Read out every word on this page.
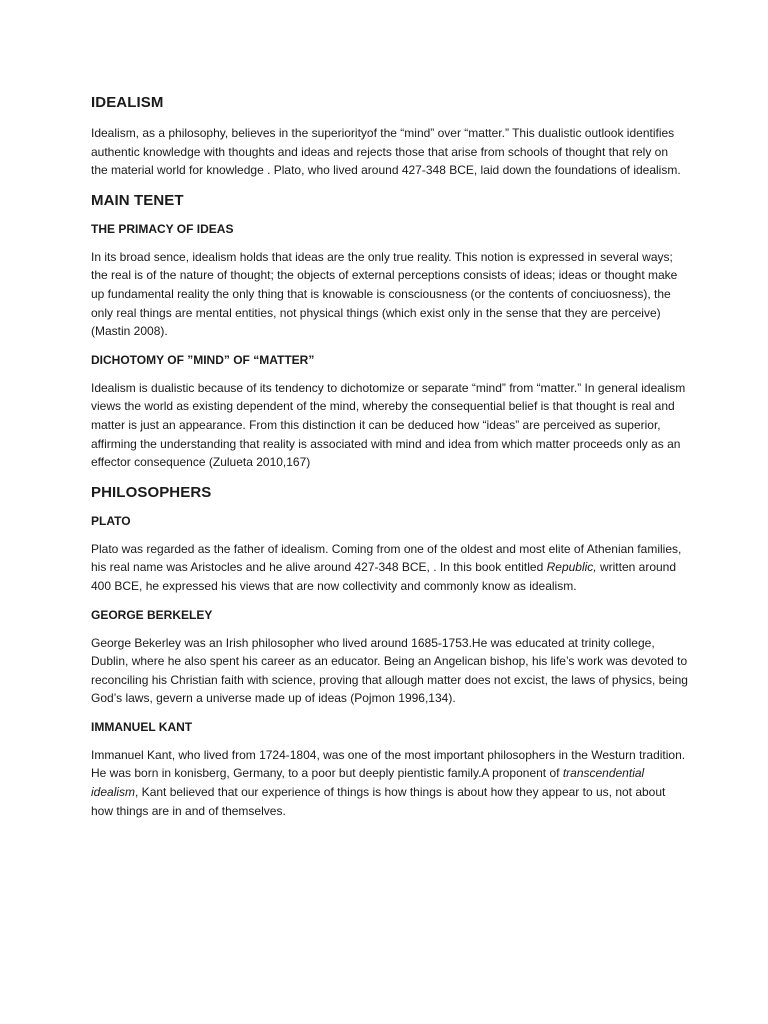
IDEALISM
Idealism, as a philosophy, believes in the superiorityof the “mind” over “matter.” This dualistic outlook identifies authentic knowledge with thoughts and ideas and rejects those that arise from schools of thought that rely on the material world for knowledge . Plato, who lived around 427-348 BCE, laid down the foundations of idealism.
MAIN TENET
THE PRIMACY OF IDEAS
In its broad sence, idealism holds that ideas are the only true reality. This notion is expressed in several ways; the real is of the nature of thought; the objects of external perceptions consists of ideas; ideas or thought make up fundamental reality the only thing that is knowable is consciousness (or the contents of conciuosness), the only real things are mental entities, not physical things (which exist only in the sense that they are perceive) (Mastin 2008).
DICHOTOMY OF ”MIND” OF “MATTER”
Idealism is dualistic because of its tendency to dichotomize or separate “mind” from “matter.” In general idealism views the world as existing dependent of the mind, whereby the consequential belief is that thought is real and matter is just an appearance. From this distinction it can be deduced how “ideas” are perceived as superior, affirming the understanding that reality is associated with mind and idea from which matter proceeds only as an effector consequence (Zulueta 2010,167)
PHILOSOPHERS
PLATO
Plato was regarded as the father of idealism. Coming from one of the oldest and most elite of Athenian families, his real name was Aristocles and he alive around 427-348 BCE, . In this book entitled Republic, written around 400 BCE, he expressed his views that are now collectivity and commonly know as idealism.
GEORGE BERKELEY
George Bekerley was an Irish philosopher who lived around 1685-1753.He was educated at trinity college, Dublin, where he also spent his career as an educator. Being an Angelican bishop, his life’s work was devoted to reconciling his Christian faith with science, proving that allough matter does not excist, the laws of physics, being God’s laws, gevern a universe made up of ideas (Pojmon 1996,134).
IMMANUEL KANT
Immanuel Kant, who lived from 1724-1804, was one of the most important philosophers in the Westurn tradition. He was born in konisberg, Germany, to a poor but deeply pientistic family.A proponent of transcendential idealism, Kant believed that our experience of things is how things is about how they appear to us, not about how things are in and of themselves.
